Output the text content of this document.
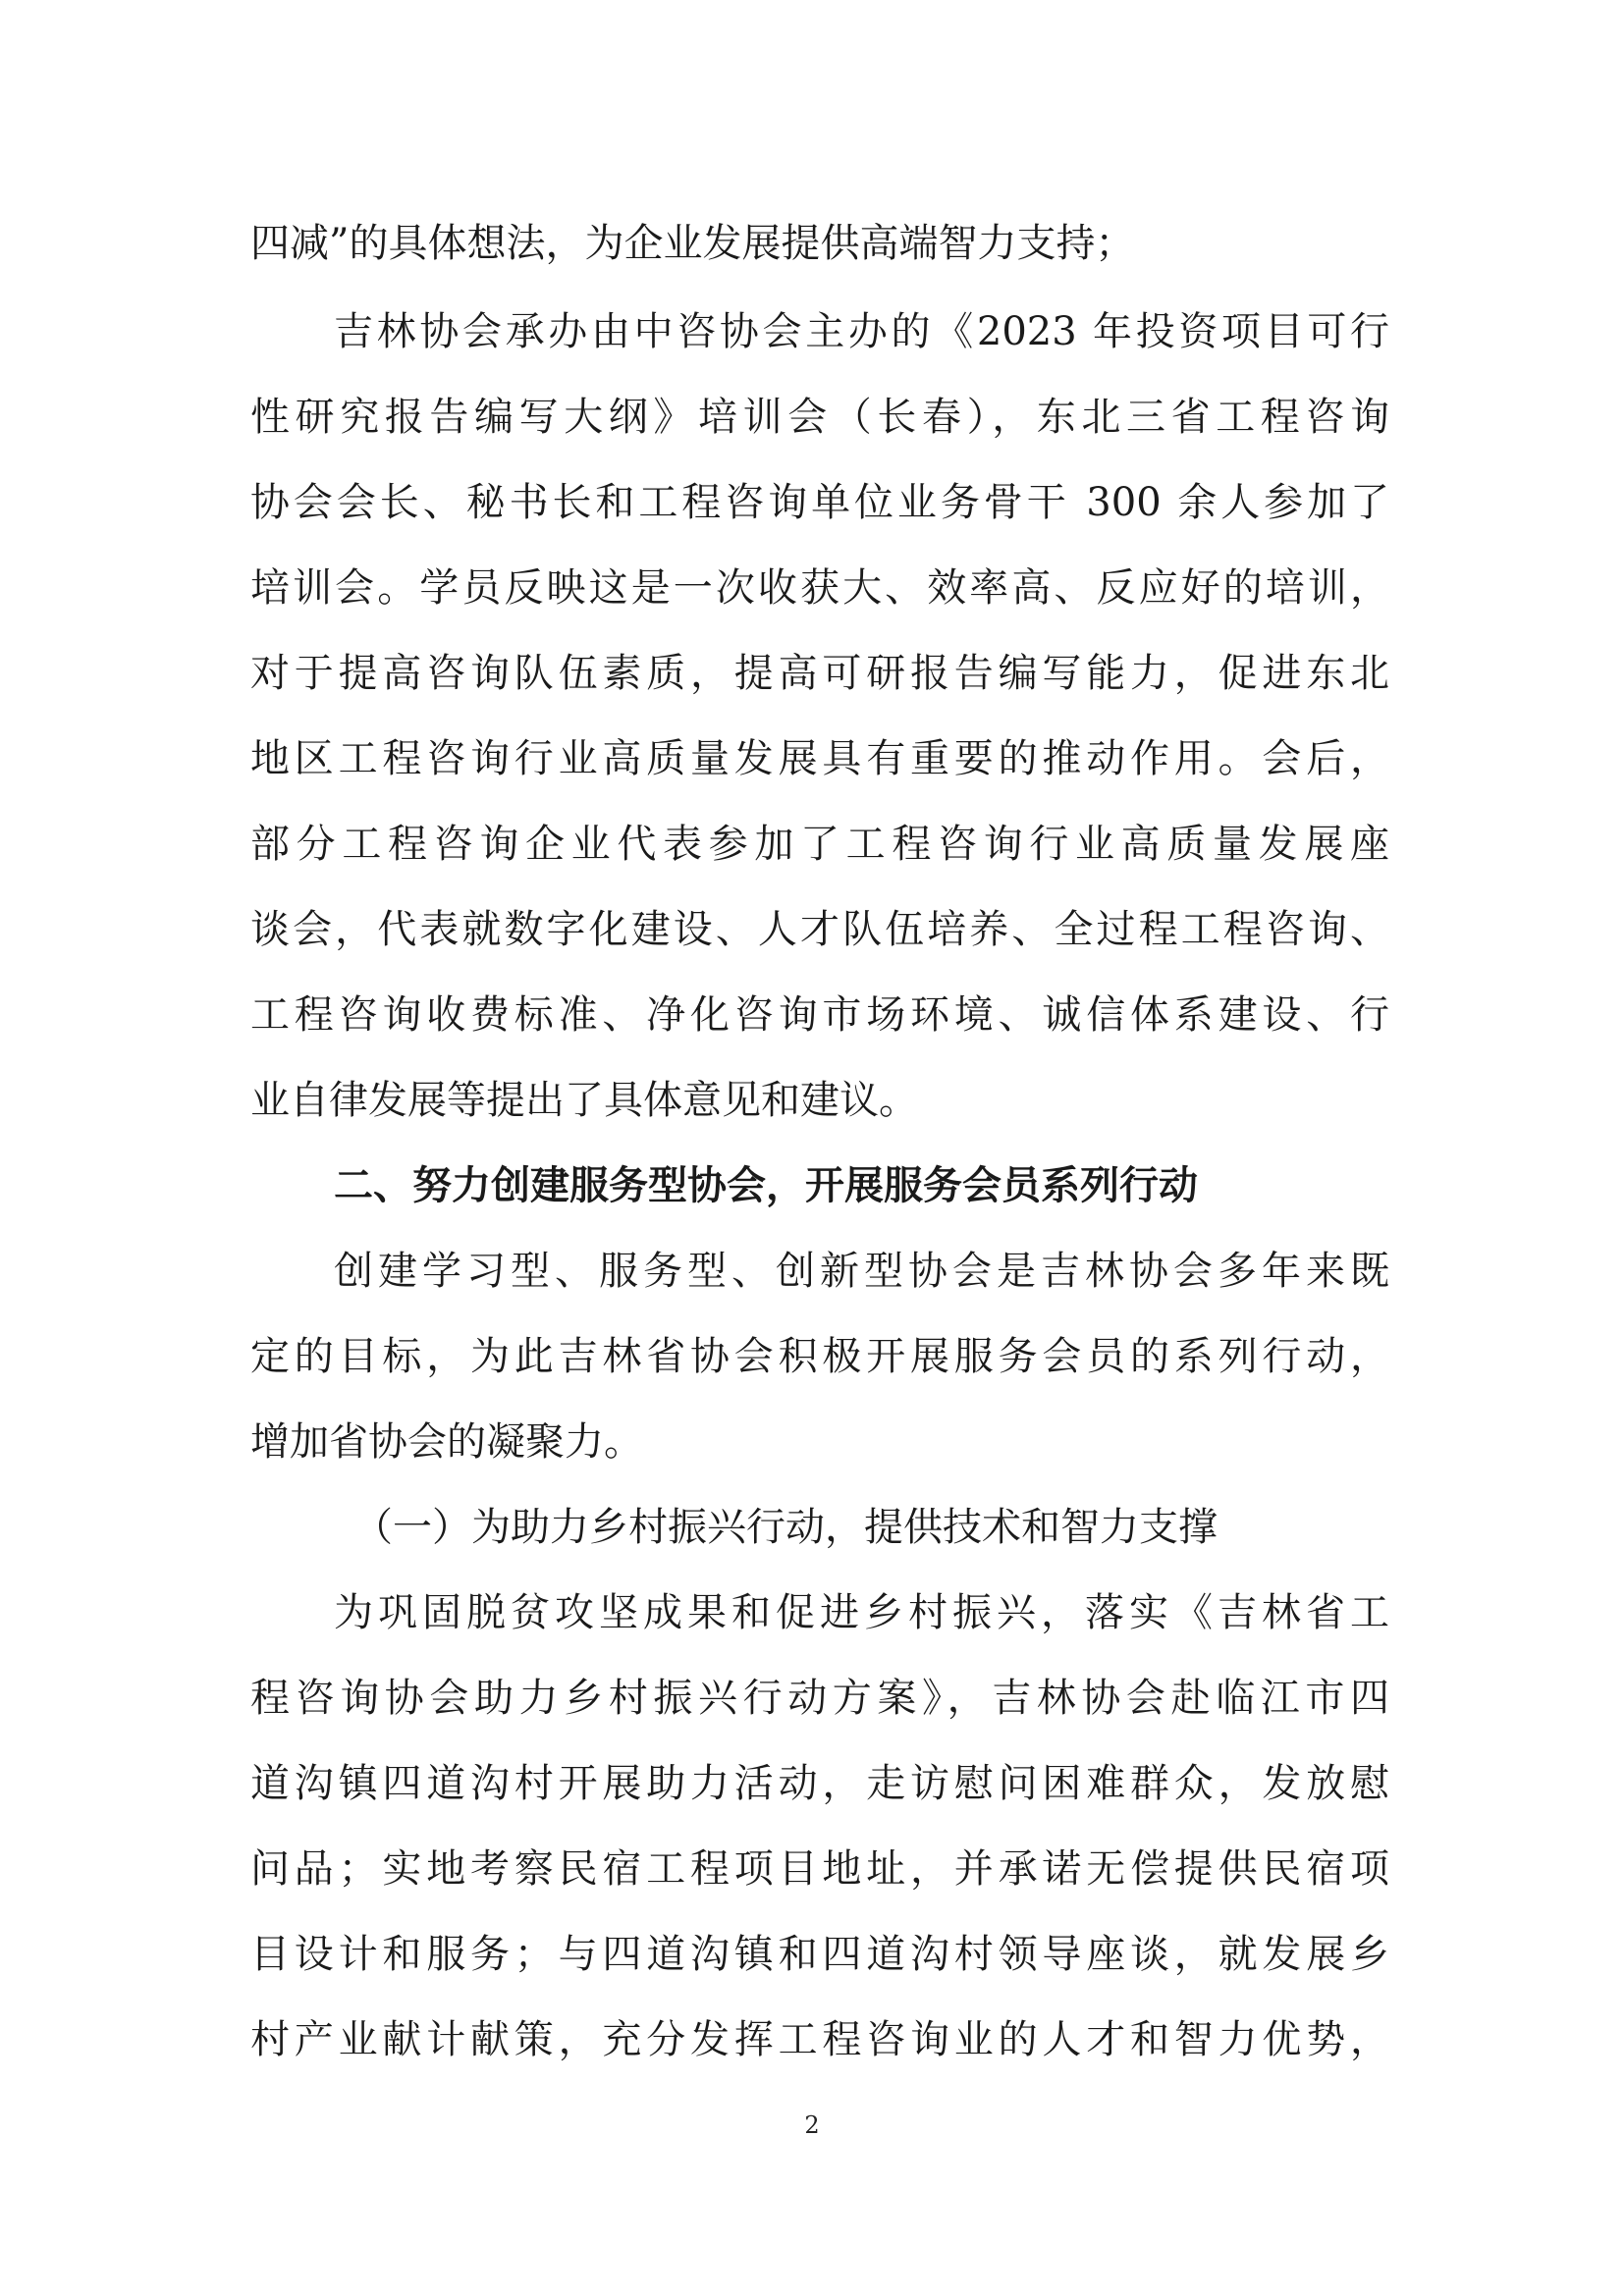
四减”的具体想法，为企业发展提供高端智力支持；
吉林协会承办由中咨协会主办的《2023 年投资项目可行
性研究报告编写大纲》培训会（长春），东北三省工程咨询
协会会长、秘书长和工程咨询单位业务骨干 300 余人参加了
培训会。学员反映这是一次收获大、效率高、反应好的培训，
对于提高咨询队伍素质，提高可研报告编写能力，促进东北
地区工程咨询行业高质量发展具有重要的推动作用。会后，
部分工程咨询企业代表参加了工程咨询行业高质量发展座
谈会，代表就数字化建设、人才队伍培养、全过程工程咨询、
工程咨询收费标准、净化咨询市场环境、诚信体系建设、行
业自律发展等提出了具体意见和建议。
二、努力创建服务型协会，开展服务会员系列行动
创建学习型、服务型、创新型协会是吉林协会多年来既
定的目标，为此吉林省协会积极开展服务会员的系列行动，
增加省协会的凝聚力。
（一）为助力乡村振兴行动，提供技术和智力支撑
为巩固脱贫攻坚成果和促进乡村振兴，落实《吉林省工
程咨询协会助力乡村振兴行动方案》，吉林协会赴临江市四
道沟镇四道沟村开展助力活动，走访慰问困难群众，发放慰
问品；实地考察民宿工程项目地址，并承诺无偿提供民宿项
目设计和服务；与四道沟镇和四道沟村领导座谈，就发展乡
村产业献计献策，充分发挥工程咨询业的人才和智力优势，
2
